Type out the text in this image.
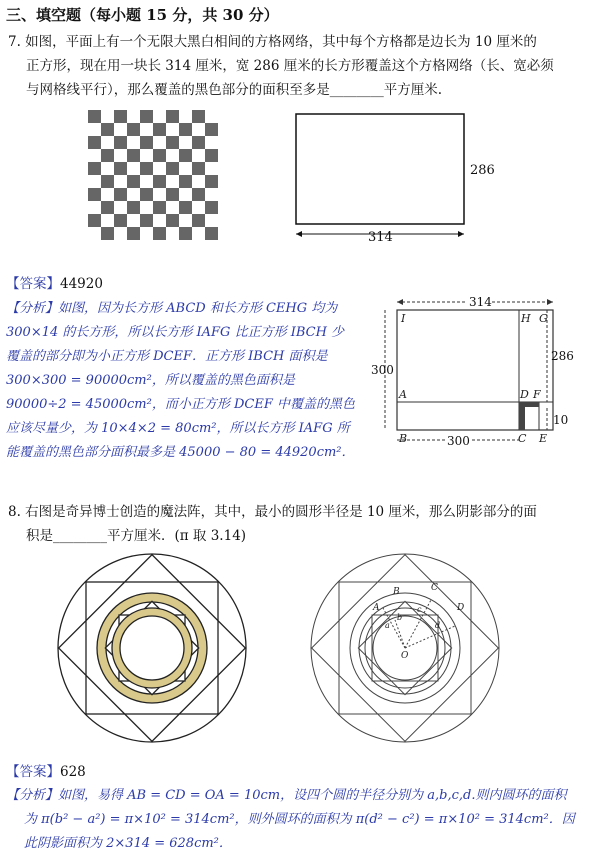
三、填空题（每小题 15 分，共 30 分）
7. 如图，平面上有一个无限大黑白相间的方格网络，其中每个方格都是边长为 10 厘米的
正方形，现在用一块长 314 厘米，宽 286 厘米的长方形覆盖这个方格网络（长、宽必须
与网格线平行），那么覆盖的黑色部分的面积至多是________平方厘米.
314
286
【答案】44920
【分析】如图，因为长方形 ABCD 和长方形 CEHG 均为
300×14 的长方形，所以长方形 IAFG 比正方形 IBCH 少
覆盖的部分即为小正方形 DCEF．正方形 IBCH 面积是
300×300 = 90000cm²，所以覆盖的黑色面积是
90000÷2 = 45000cm²，而小正方形 DCEF 中覆盖的黑色
应该尽量少，为 10×4×2 = 80cm²，所以长方形 IAFG 所
能覆盖的黑色部分面积最多是 45000 − 80 = 44920cm²．
314
286
300
300
10
I	H G
A	D F
B	C E
8. 右图是奇异博士创造的魔法阵，其中，最小的圆形半径是 10 厘米，那么阴影部分的面
积是________平方厘米．(π 取 3.14)
A
B	C
D
O
a
b
c
d
【答案】628
【分析】如图，易得 AB = CD = OA = 10cm，设四个圆的半径分别为 a,b,c,d.则内圆环的面积
为 π(b² − a²) = π×10² = 314cm²，则外圆环的面积为 π(d² − c²) = π×10² = 314cm²．因
此阴影面积为 2×314 = 628cm²．
